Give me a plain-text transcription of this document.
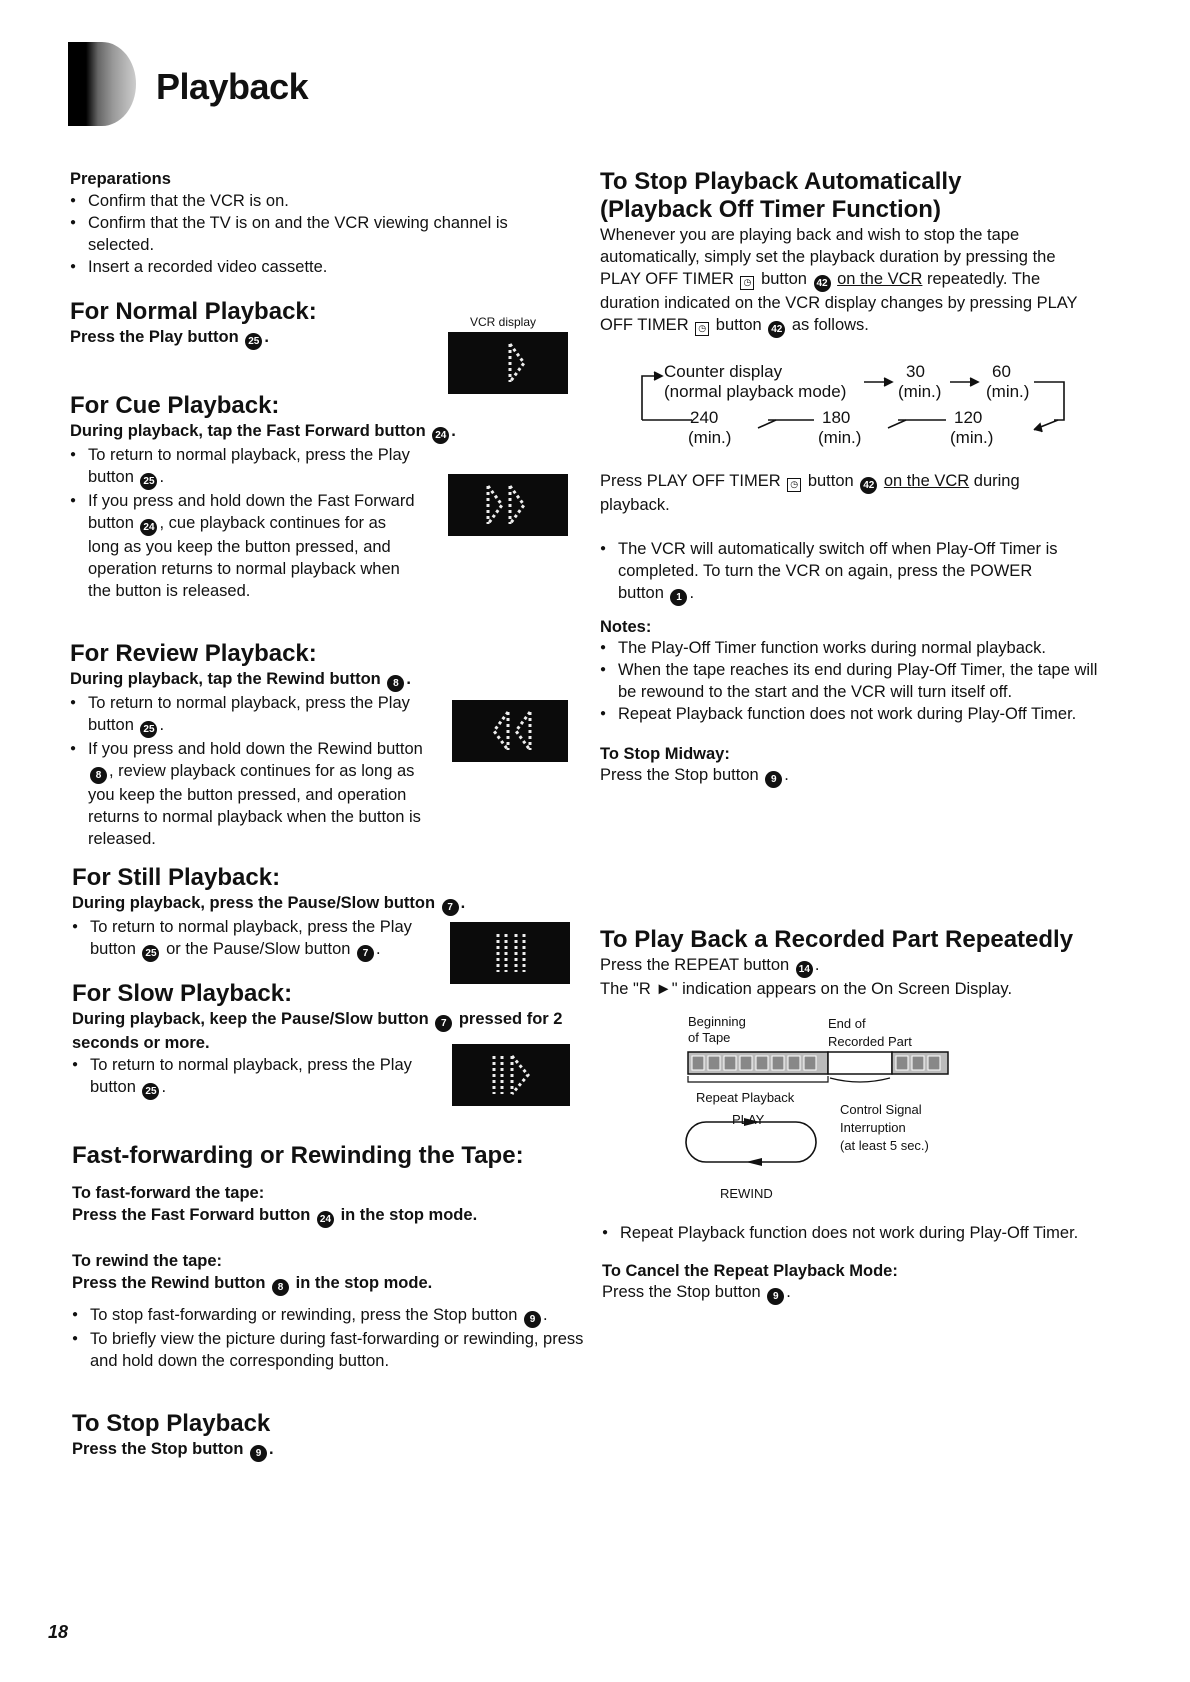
Playback
Preparations
● Confirm that the VCR is on.
● Confirm that the TV is on and the VCR viewing channel is selected.
● Insert a recorded video cassette.
For Normal Playback:
Press the Play button 25 .
VCR display
For Cue Playback:
During playback, tap the Fast Forward button 24 .
● To return to normal playback, press the Play button 25 .
● If you press and hold down the Fast Forward button 24 , cue playback continues for as long as you keep the button pressed, and operation returns to normal playback when the button is released.
For Review Playback:
During playback, tap the Rewind button 8 .
● To return to normal playback, press the Play button 25 .
● If you press and hold down the Rewind button 8 , review playback continues for as long as you keep the button pressed, and operation returns to normal playback when the button is released.
For Still Playback:
During playback, press the Pause/Slow button 7 .
● To return to normal playback, press the Play button 25 or the Pause/Slow button 7 .
For Slow Playback:
During playback, keep the Pause/Slow button 7 pressed for 2 seconds or more.
● To return to normal playback, press the Play button 25 .
Fast-forwarding or Rewinding the Tape:
To fast-forward the tape:
Press the Fast Forward button 24 in the stop mode.
To rewind the tape:
Press the Rewind button 8 in the stop mode.
● To stop fast-forwarding or rewinding, press the Stop button 9 .
● To briefly view the picture during fast-forwarding or rewinding, press and hold down the corresponding button.
To Stop Playback
Press the Stop button 9 .
To Stop Playback Automatically
(Playback Off Timer Function)

Whenever you are playing back and wish to stop the tape automatically, simply set the playback duration by pressing the PLAY OFF TIMER ◷ button 42 on the VCR repeatedly. The duration indicated on the VCR display changes by pressing PLAY OFF TIMER ◷ button 42 as follows.

Counter display
(normal playback mode)
30
(min.)
60
(min.)
240
(min.)
180
(min.)
120
(min.)

Press PLAY OFF TIMER ◷ button 42 on the VCR during playback.

● The VCR will automatically switch off when Play-Off Timer is completed. To turn the VCR on again, press the POWER button 1 .
Notes:
● The Play-Off Timer function works during normal playback.
● When the tape reaches its end during Play-Off Timer, the tape will be rewound to the start and the VCR will turn itself off.
● Repeat Playback function does not work during Play-Off Timer.
To Stop Midway:

Press the Stop button 9 .

To Play Back a Recorded Part Repeatedly

Press the REPEAT button 14 .

The "R ►" indication appears on the On Screen Display.

Beginning
of Tape
End of
Recorded Part
Repeat Playback
PLAY
REWIND
Control Signal
Interruption
(at least 5 sec.)
● Repeat Playback function does not work during Play-Off Timer.
To Cancel the Repeat Playback Mode:

Press the Stop button 9 .

18
